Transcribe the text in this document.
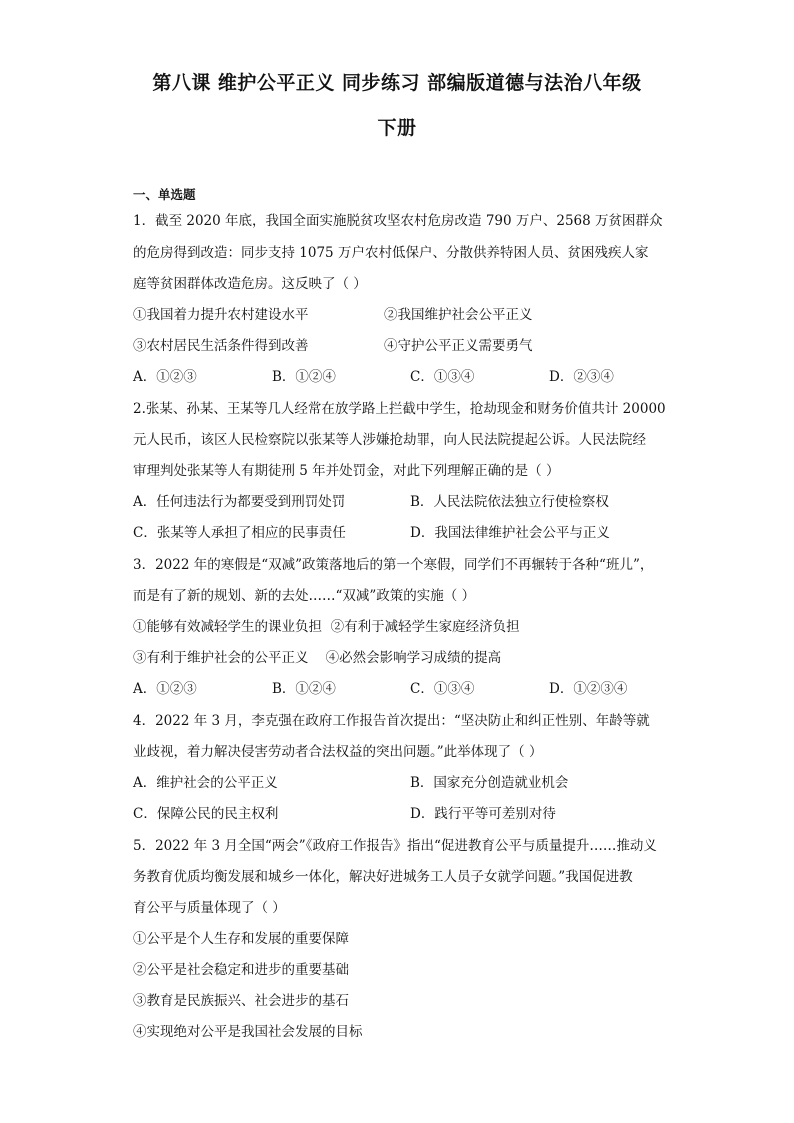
第八课 维护公平正义 同步练习 部编版道德与法治八年级
下册
一、单选题
1．截至 2020 年底，我国全面实施脱贫攻坚农村危房改造 790 万户、2568 万贫困群众
的危房得到改造：同步支持 1075 万户农村低保户、分散供养特困人员、贫困残疾人家
庭等贫困群体改造危房。这反映了（ ）
①我国着力提升农村建设水平	②我国维护社会公平正义
③农村居民生活条件得到改善	④守护公平正义需要勇气
A．①②③	B．①②④	C．①③④	D．②③④
2.张某、孙某、王某等几人经常在放学路上拦截中学生，抢劫现金和财务价值共计 20000
元人民币，该区人民检察院以张某等人涉嫌抢劫罪，向人民法院提起公诉。人民法院经
审理判处张某等人有期徒刑 5 年并处罚金，对此下列理解正确的是（ ）
A．任何违法行为都要受到刑罚处罚	B．人民法院依法独立行使检察权
C．张某等人承担了相应的民事责任	D．我国法律维护社会公平与正义
3．2022 年的寒假是“双减”政策落地后的第一个寒假，同学们不再辗转于各种“班儿”，
而是有了新的规划、新的去处……“双减”政策的实施（ ）
①能够有效减轻学生的课业负担  ②有利于减轻学生家庭经济负担
③有利于维护社会的公平正义    ④必然会影响学习成绩的提高
A．①②③	B．①②④	C．①③④	D．①②③④
4．2022 年 3 月，李克强在政府工作报告首次提出：“坚决防止和纠正性别、年龄等就
业歧视，着力解决侵害劳动者合法权益的突出问题。”此举体现了（ ）
A．维护社会的公平正义	B．国家充分创造就业机会
C．保障公民的民主权利	D．践行平等可差别对待
5．2022 年 3 月全国“两会”《政府工作报告》指出“促进教育公平与质量提升……推动义
务教育优质均衡发展和城乡一体化，解决好进城务工人员子女就学问题。”我国促进教
育公平与质量体现了（ ）
①公平是个人生存和发展的重要保障
②公平是社会稳定和进步的重要基础
③教育是民族振兴、社会进步的基石
④实现绝对公平是我国社会发展的目标
